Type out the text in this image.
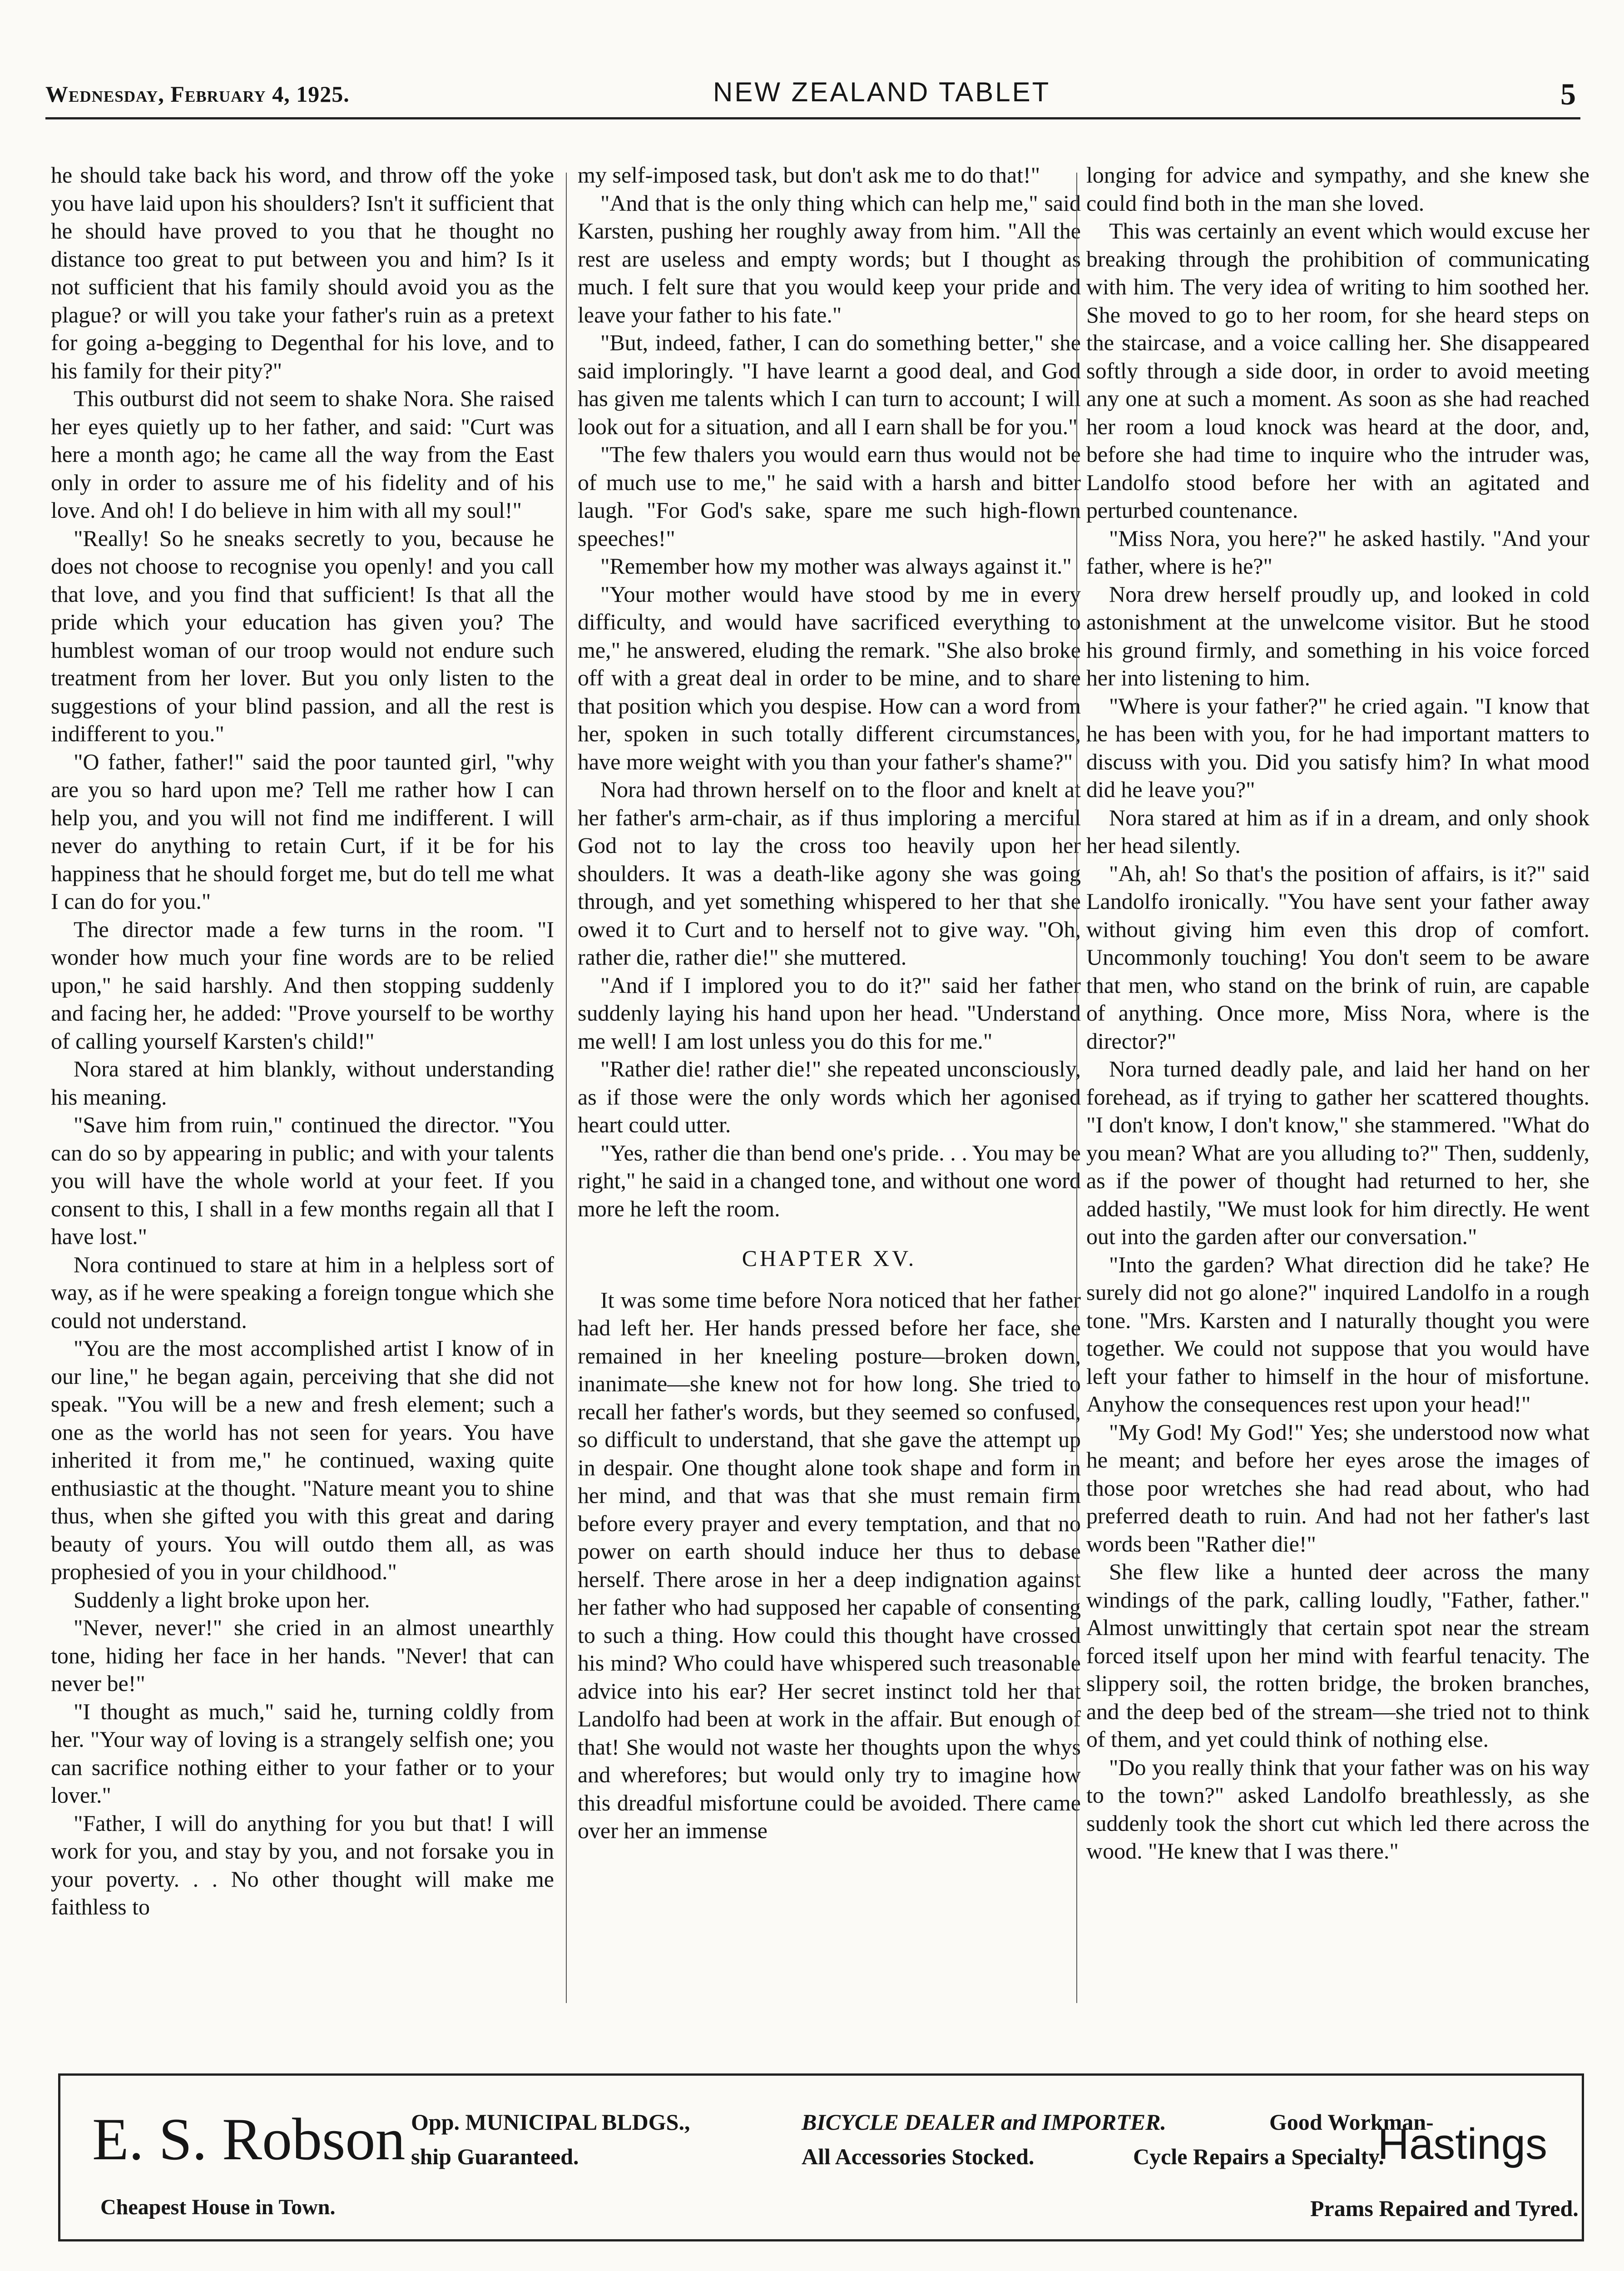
Wednesday, February 4, 1925.	NEW ZEALAND TABLET	5

he should take back his word, and throw off the yoke you have laid upon his shoulders? Isn't it sufficient that he should have proved to you that he thought no distance too great to put between you and him? Is it not sufficient that his family should avoid you as the plague? or will you take your father's ruin as a pretext for going a-begging to Degenthal for his love, and to his family for their pity?"

This outburst did not seem to shake Nora. She raised her eyes quietly up to her father, and said: "Curt was here a month ago; he came all the way from the East only in order to assure me of his fidelity and of his love. And oh! I do believe in him with all my soul!"

"Really! So he sneaks secretly to you, because he does not choose to recognise you openly! and you call that love, and you find that sufficient! Is that all the pride which your education has given you? The humblest woman of our troop would not endure such treatment from her lover. But you only listen to the suggestions of your blind passion, and all the rest is indifferent to you."

"O father, father!" said the poor taunted girl, "why are you so hard upon me? Tell me rather how I can help you, and you will not find me indifferent. I will never do anything to retain Curt, if it be for his happiness that he should forget me, but do tell me what I can do for you."

The director made a few turns in the room. "I wonder how much your fine words are to be relied upon," he said harshly. And then stopping suddenly and facing her, he added: "Prove yourself to be worthy of calling yourself Karsten's child!"

Nora stared at him blankly, without understanding his meaning.

"Save him from ruin," continued the director. "You can do so by appearing in public; and with your talents you will have the whole world at your feet. If you consent to this, I shall in a few months regain all that I have lost."

Nora continued to stare at him in a helpless sort of way, as if he were speaking a foreign tongue which she could not understand.

"You are the most accomplished artist I know of in our line," he began again, perceiving that she did not speak. "You will be a new and fresh element; such a one as the world has not seen for years. You have inherited it from me," he continued, waxing quite enthusiastic at the thought. "Nature meant you to shine thus, when she gifted you with this great and daring beauty of yours. You will outdo them all, as was prophesied of you in your childhood."

Suddenly a light broke upon her.

"Never, never!" she cried in an almost unearthly tone, hiding her face in her hands. "Never! that can never be!"

"I thought as much," said he, turning coldly from her. "Your way of loving is a strangely selfish one; you can sacrifice nothing either to your father or to your lover."

"Father, I will do anything for you but that! I will work for you, and stay by you, and not forsake you in your poverty. . . No other thought will make me faithless to

my self-imposed task, but don't ask me to do that!"

"And that is the only thing which can help me," said Karsten, pushing her roughly away from him. "All the rest are useless and empty words; but I thought as much. I felt sure that you would keep your pride and leave your father to his fate."

"But, indeed, father, I can do something better," she said imploringly. "I have learnt a good deal, and God has given me talents which I can turn to account; I will look out for a situation, and all I earn shall be for you."

"The few thalers you would earn thus would not be of much use to me," he said with a harsh and bitter laugh. "For God's sake, spare me such high-flown speeches!"

"Remember how my mother was always against it."

"Your mother would have stood by me in every difficulty, and would have sacrificed everything to me," he answered, eluding the remark. "She also broke off with a great deal in order to be mine, and to share that position which you despise. How can a word from her, spoken in such totally different circumstances, have more weight with you than your father's shame?"

Nora had thrown herself on to the floor and knelt at her father's arm-chair, as if thus imploring a merciful God not to lay the cross too heavily upon her shoulders. It was a death-like agony she was going through, and yet something whispered to her that she owed it to Curt and to herself not to give way. "Oh, rather die, rather die!" she muttered.

"And if I implored you to do it?" said her father suddenly laying his hand upon her head. "Understand me well! I am lost unless you do this for me."

"Rather die! rather die!" she repeated unconsciously, as if those were the only words which her agonised heart could utter.

"Yes, rather die than bend one's pride. . . You may be right," he said in a changed tone, and without one word more he left the room.

CHAPTER XV.

It was some time before Nora noticed that her father had left her. Her hands pressed before her face, she remained in her kneeling posture—broken down, inanimate—she knew not for how long. She tried to recall her father's words, but they seemed so confused, so difficult to understand, that she gave the attempt up in despair. One thought alone took shape and form in her mind, and that was that she must remain firm before every prayer and every temptation, and that no power on earth should induce her thus to debase herself. There arose in her a deep indignation against her father who had supposed her capable of consenting to such a thing. How could this thought have crossed his mind? Who could have whispered such treasonable advice into his ear? Her secret instinct told her that Landolfo had been at work in the affair. But enough of that! She would not waste her thoughts upon the whys and wherefores; but would only try to imagine how this dreadful misfortune could be avoided. There came over her an immense

longing for advice and sympathy, and she knew she could find both in the man she loved.

This was certainly an event which would excuse her breaking through the prohibition of communicating with him. The very idea of writing to him soothed her. She moved to go to her room, for she heard steps on the staircase, and a voice calling her. She disappeared softly through a side door, in order to avoid meeting any one at such a moment. As soon as she had reached her room a loud knock was heard at the door, and, before she had time to inquire who the intruder was, Landolfo stood before her with an agitated and perturbed countenance.

"Miss Nora, you here?" he asked hastily. "And your father, where is he?"

Nora drew herself proudly up, and looked in cold astonishment at the unwelcome visitor. But he stood his ground firmly, and something in his voice forced her into listening to him.

"Where is your father?" he cried again. "I know that he has been with you, for he had important matters to discuss with you. Did you satisfy him? In what mood did he leave you?"

Nora stared at him as if in a dream, and only shook her head silently.

"Ah, ah! So that's the position of affairs, is it?" said Landolfo ironically. "You have sent your father away without giving him even this drop of comfort. Uncommonly touching! You don't seem to be aware that men, who stand on the brink of ruin, are capable of anything. Once more, Miss Nora, where is the director?"

Nora turned deadly pale, and laid her hand on her forehead, as if trying to gather her scattered thoughts. "I don't know, I don't know," she stammered. "What do you mean? What are you alluding to?" Then, suddenly, as if the power of thought had returned to her, she added hastily, "We must look for him directly. He went out into the garden after our conversation."

"Into the garden? What direction did he take? He surely did not go alone?" inquired Landolfo in a rough tone. "Mrs. Karsten and I naturally thought you were together. We could not suppose that you would have left your father to himself in the hour of misfortune. Anyhow the consequences rest upon your head!"

"My God! My God!" Yes; she understood now what he meant; and before her eyes arose the images of those poor wretches she had read about, who had preferred death to ruin. And had not her father's last words been "Rather die!"

She flew like a hunted deer across the many windings of the park, calling loudly, "Father, father." Almost unwittingly that certain spot near the stream forced itself upon her mind with fearful tenacity. The slippery soil, the rotten bridge, the broken branches, and the deep bed of the stream—she tried not to think of them, and yet could think of nothing else.

"Do you really think that your father was on his way to the town?" asked Landolfo breathlessly, as she suddenly took the short cut which led there across the wood. "He knew that I was there."

E. S. Robson
Cheapest House in Town.
Opp. MUNICIPAL BLDGS.,
ship Guaranteed.
BICYCLE DEALER and IMPORTER.
All Accessories Stocked.
Good Workman-
Cycle Repairs a Specialty.
Prams Repaired and Tyred.
Hastings
